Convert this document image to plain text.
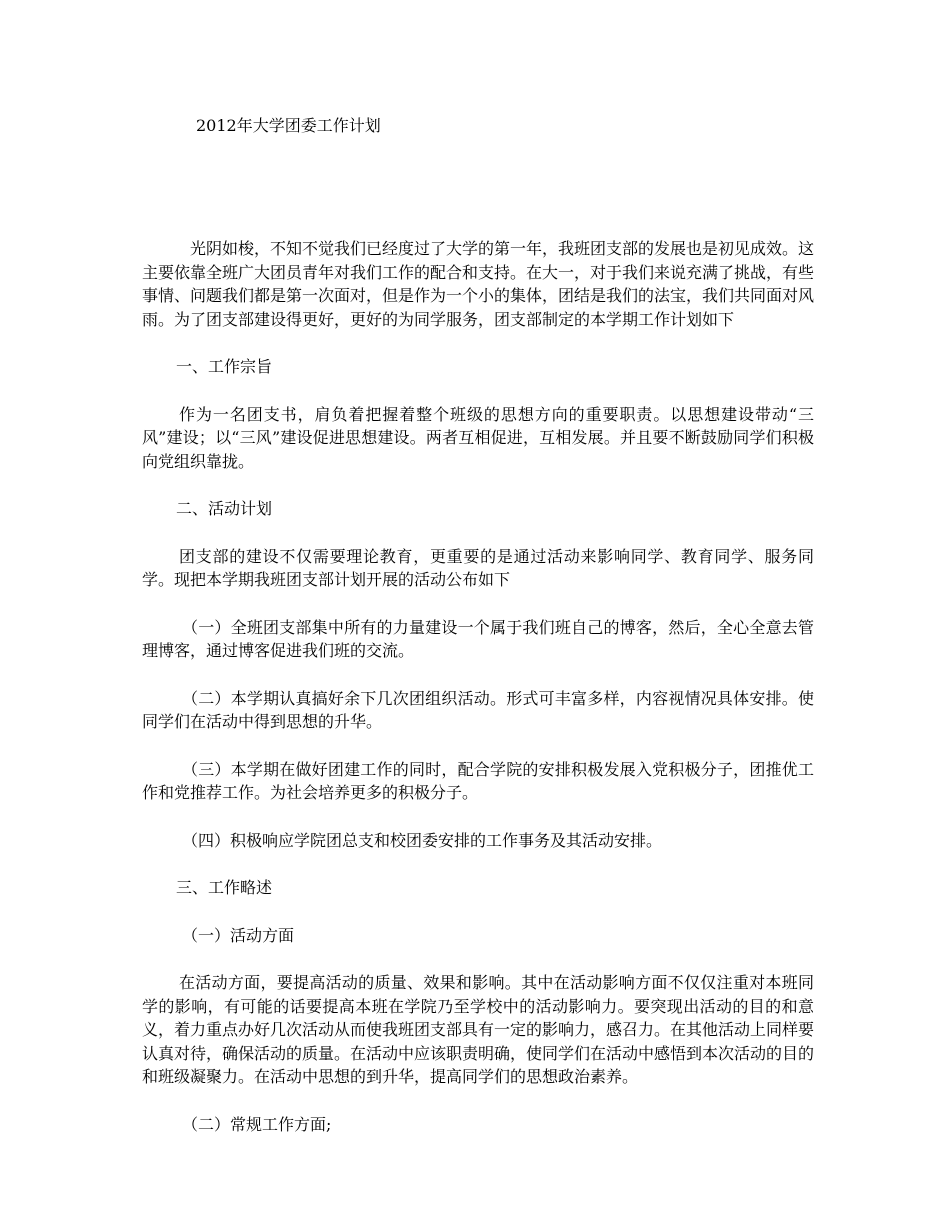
2012年大学团委工作计划

光阴如梭，不知不觉我们已经度过了大学的第一年，我班团支部的发展也是初见成效。这主要依靠全班广大团员青年对我们工作的配合和支持。在大一，对于我们来说充满了挑战，有些事情、问题我们都是第一次面对，但是作为一个小的集体，团结是我们的法宝，我们共同面对风雨。为了团支部建设得更好，更好的为同学服务，团支部制定的本学期工作计划如下

一、工作宗旨

作为一名团支书，肩负着把握着整个班级的思想方向的重要职责。以思想建设带动“三风”建设；以“三风”建设促进思想建设。两者互相促进，互相发展。并且要不断鼓励同学们积极向党组织靠拢。

二、活动计划

团支部的建设不仅需要理论教育，更重要的是通过活动来影响同学、教育同学、服务同学。现把本学期我班团支部计划开展的活动公布如下

（一）全班团支部集中所有的力量建设一个属于我们班自己的博客，然后，全心全意去管理博客，通过博客促进我们班的交流。

（二）本学期认真搞好余下几次团组织活动。形式可丰富多样，内容视情况具体安排。使同学们在活动中得到思想的升华。

（三）本学期在做好团建工作的同时，配合学院的安排积极发展入党积极分子，团推优工作和党推荐工作。为社会培养更多的积极分子。

（四）积极响应学院团总支和校团委安排的工作事务及其活动安排。

三、工作略述

（一）活动方面

在活动方面，要提高活动的质量、效果和影响。其中在活动影响方面不仅仅注重对本班同学的影响，有可能的话要提高本班在学院乃至学校中的活动影响力。要突现出活动的目的和意义，着力重点办好几次活动从而使我班团支部具有一定的影响力，感召力。在其他活动上同样要认真对待，确保活动的质量。在活动中应该职责明确，使同学们在活动中感悟到本次活动的目的和班级凝聚力。在活动中思想的到升华，提高同学们的思想政治素养。

（二）常规工作方面;
